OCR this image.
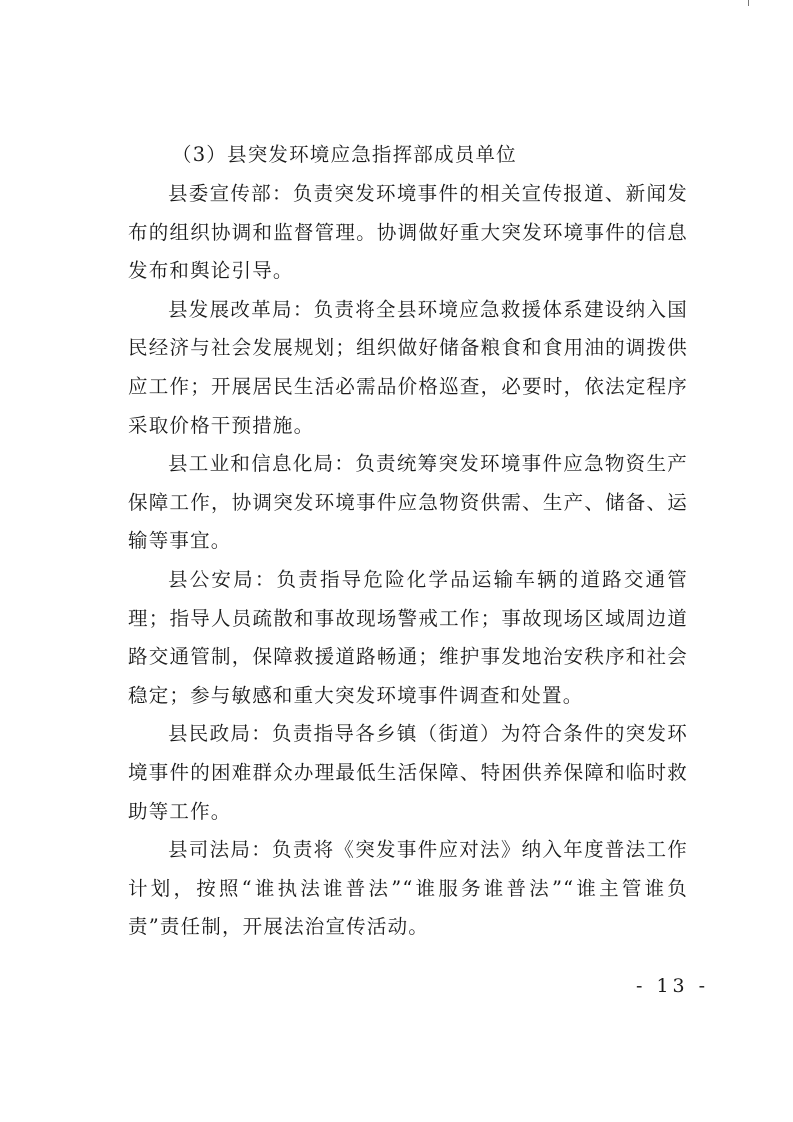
（3）县突发环境应急指挥部成员单位

县委宣传部：负责突发环境事件的相关宣传报道、新闻发布的组织协调和监督管理。协调做好重大突发环境事件的信息发布和舆论引导。

县发展改革局：负责将全县环境应急救援体系建设纳入国民经济与社会发展规划；组织做好储备粮食和食用油的调拨供应工作；开展居民生活必需品价格巡查，必要时，依法定程序采取价格干预措施。

县工业和信息化局：负责统筹突发环境事件应急物资生产保障工作，协调突发环境事件应急物资供需、生产、储备、运输等事宜。

县公安局：负责指导危险化学品运输车辆的道路交通管理；指导人员疏散和事故现场警戒工作；事故现场区域周边道路交通管制，保障救援道路畅通；维护事发地治安秩序和社会稳定；参与敏感和重大突发环境事件调查和处置。

县民政局：负责指导各乡镇（街道）为符合条件的突发环境事件的困难群众办理最低生活保障、特困供养保障和临时救助等工作。

县司法局：负责将《突发事件应对法》纳入年度普法工作计划，按照“谁执法谁普法”“谁服务谁普法”“谁主管谁负责”责任制，开展法治宣传活动。

- 13 -
